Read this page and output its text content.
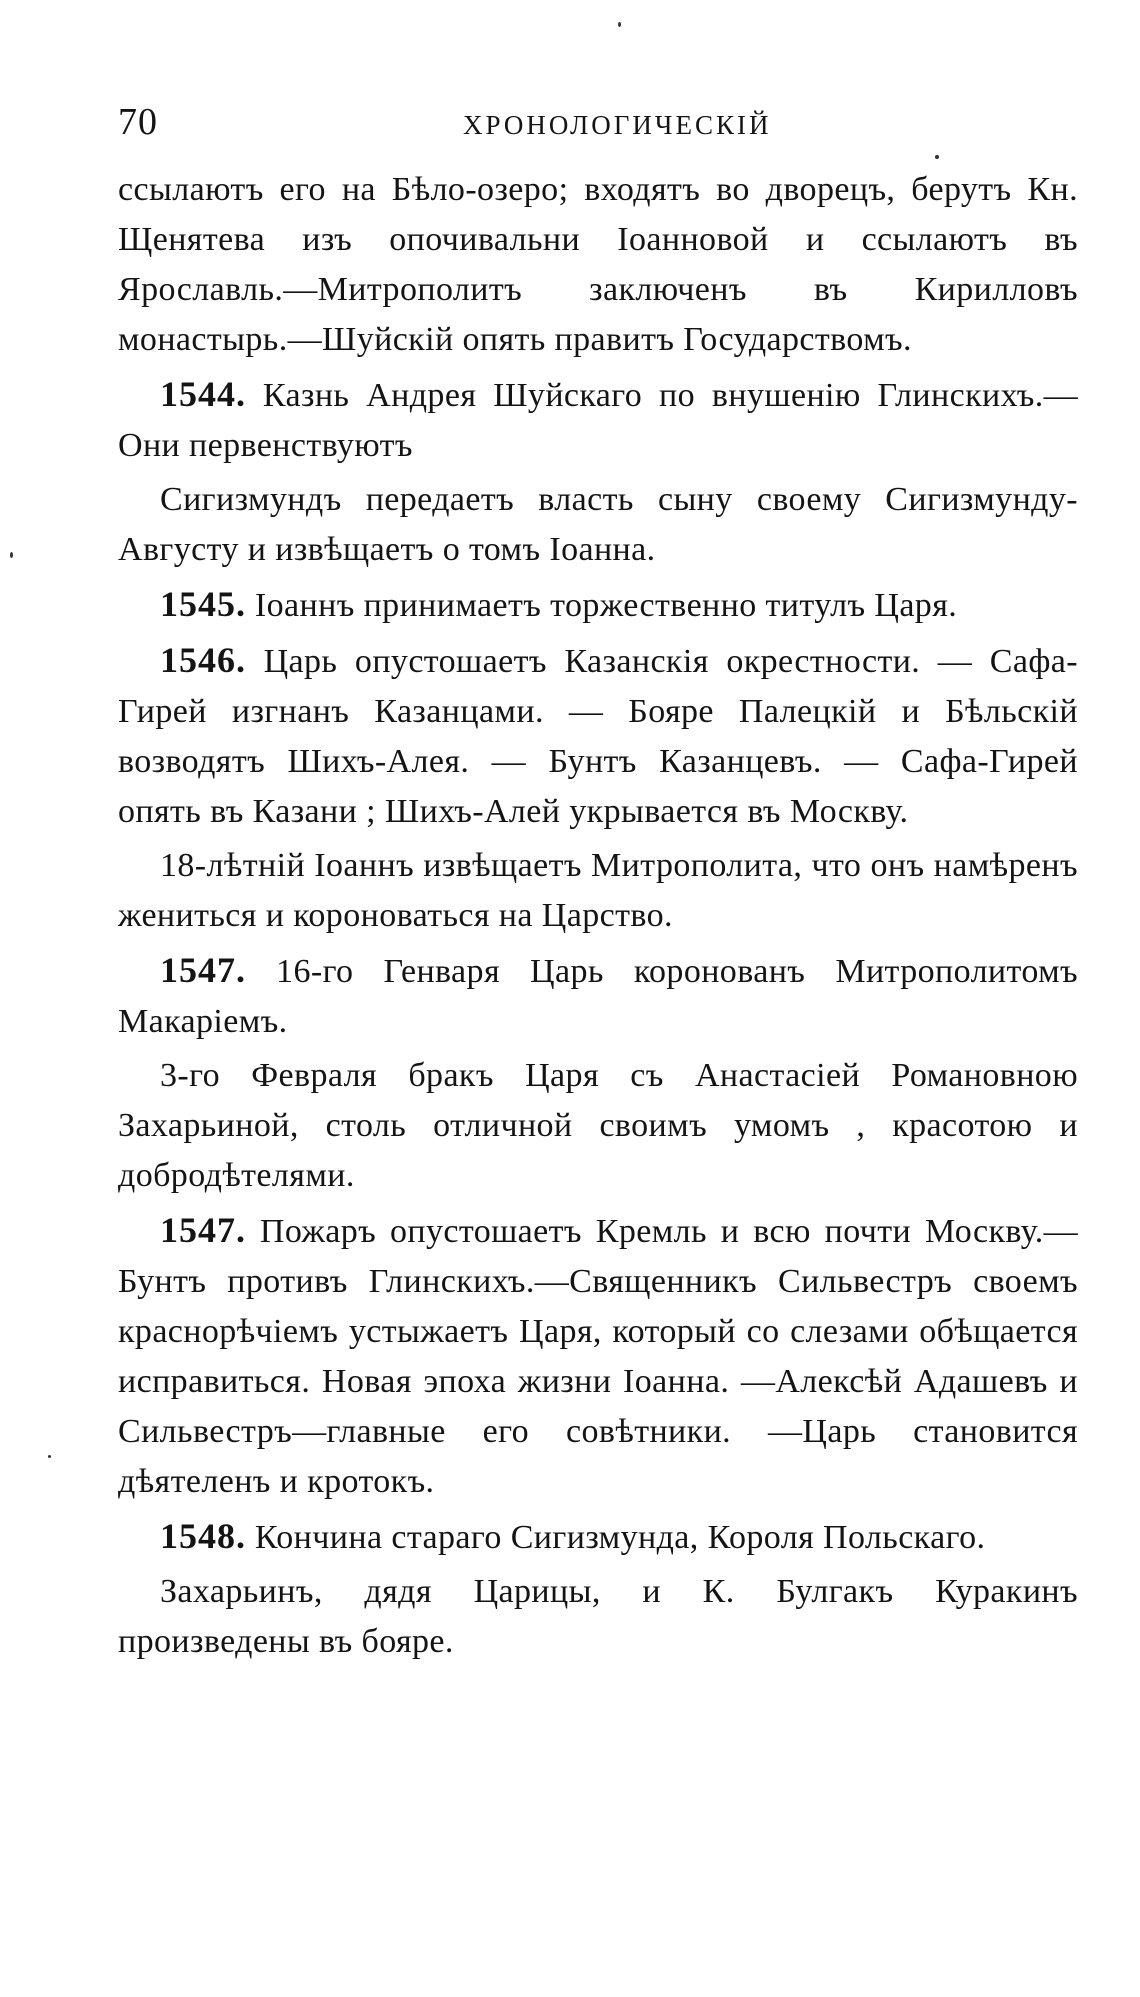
70	ХРОНОЛОГИЧЕСКІЙ

ссылаютъ его на Бѣло-озеро; входятъ во дворецъ, берутъ Кн. Щенятева изъ опочивальни Іоанновой и ссылаютъ въ Ярославль.—Митрополитъ заключенъ въ Кирилловъ монастырь.—Шуйскій опять правитъ Государствомъ.

1544. Казнь Андрея Шуйскаго по внушенію Глинскихъ.—Они первенствуютъ

Сигизмундъ передаетъ власть сыну своему Сигизмунду-Августу и извѣщаетъ о томъ Іоанна.

1545. Іоаннъ принимаетъ торжественно титулъ Царя.

1546. Царь опустошаетъ Казанскія окрестности. — Сафа-Гирей изгнанъ Казанцами. — Бояре Палецкій и Бѣльскій возводятъ Шихъ-Алея. — Бунтъ Казанцевъ. — Сафа-Гирей опять въ Казани ; Шихъ-Алей укрывается въ Москву.

18-лѣтній Іоаннъ извѣщаетъ Митрополита, что онъ намѣренъ жениться и короноваться на Царство.

1547. 16-го Генваря Царь коронованъ Митрополитомъ Макаріемъ.

3-го Февраля бракъ Царя съ Анастасіей Романовною Захарьиной, столь отличной своимъ умомъ , красотою и добродѣтелями.

1547. Пожаръ опустошаетъ Кремль и всю почти Москву.—Бунтъ противъ Глинскихъ.—Священникъ Сильвестръ своемъ краснорѣчіемъ устыжаетъ Царя, который со слезами обѣщается исправиться. Новая эпоха жизни Іоанна. —Алексѣй Адашевъ и Сильвестръ—главные его совѣтники. —Царь становится дѣятеленъ и кротокъ.

1548. Кончина стараго Сигизмунда, Короля Польскаго.

Захарьинъ, дядя Царицы, и К. Булгакъ Куракинъ произведены въ бояре.
